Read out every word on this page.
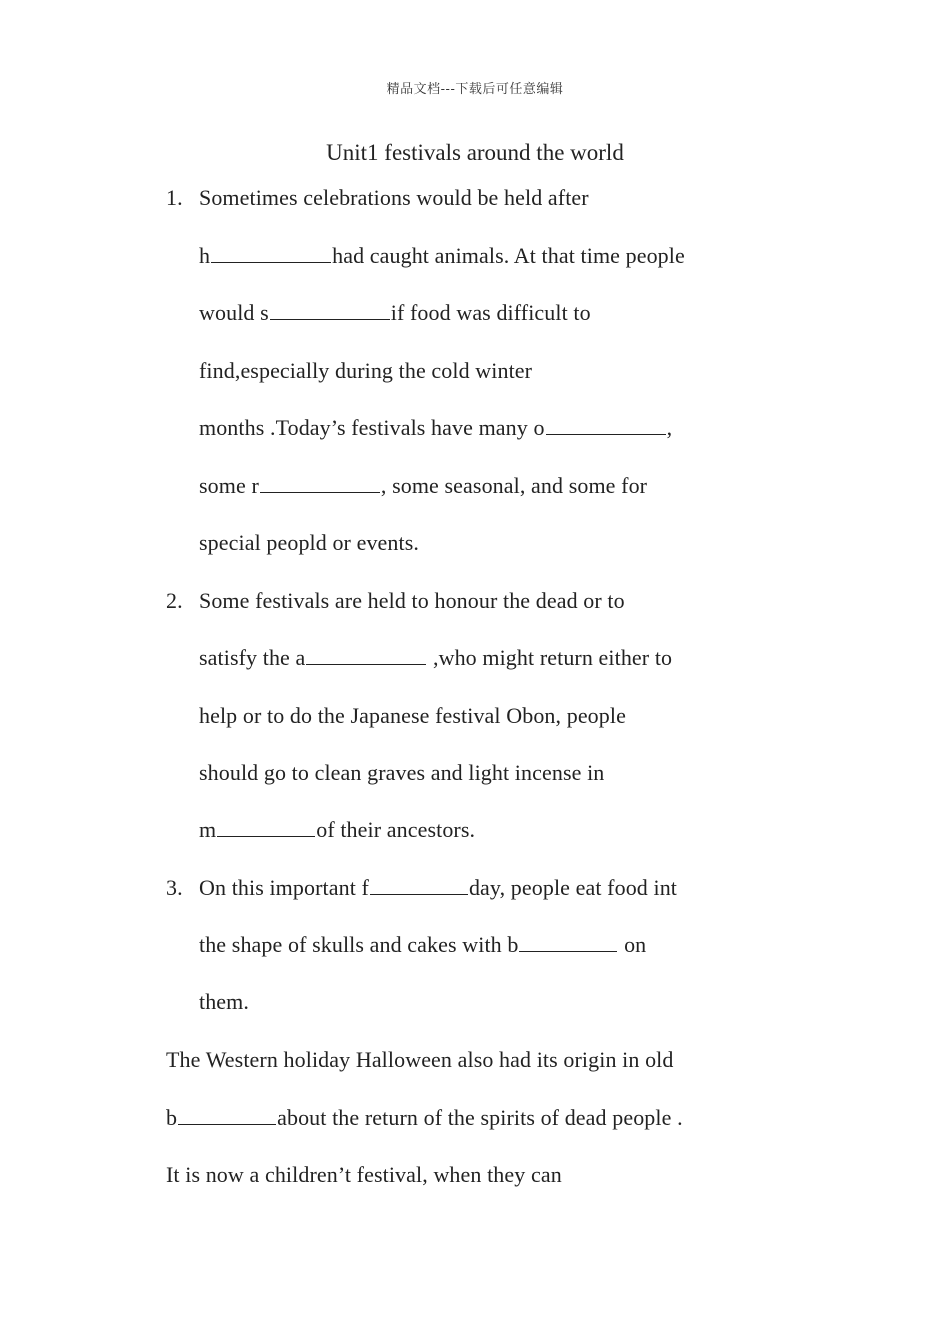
精品文档---下载后可任意编辑
Unit1 festivals around the world
1. Sometimes celebrations would be held after
h	had caught animals. At that time people
would s	if food was difficult to
find,especially during the cold winter
months .Today’s festivals have many o	,
some r	, some seasonal, and some for
special peopld or events.
2. Some festivals are held to honour the dead or to
satisfy the a	,who might return either to
help or to do the Japanese festival Obon, people
should go to clean graves and light incense in
m	of their ancestors.
3. On this important f	day, people eat food int
the shape of skulls and cakes with b	on
them.
The Western holiday Halloween also had its origin in old
b	about the return of the spirits of dead people .
It is now a children’t festival, when they can
